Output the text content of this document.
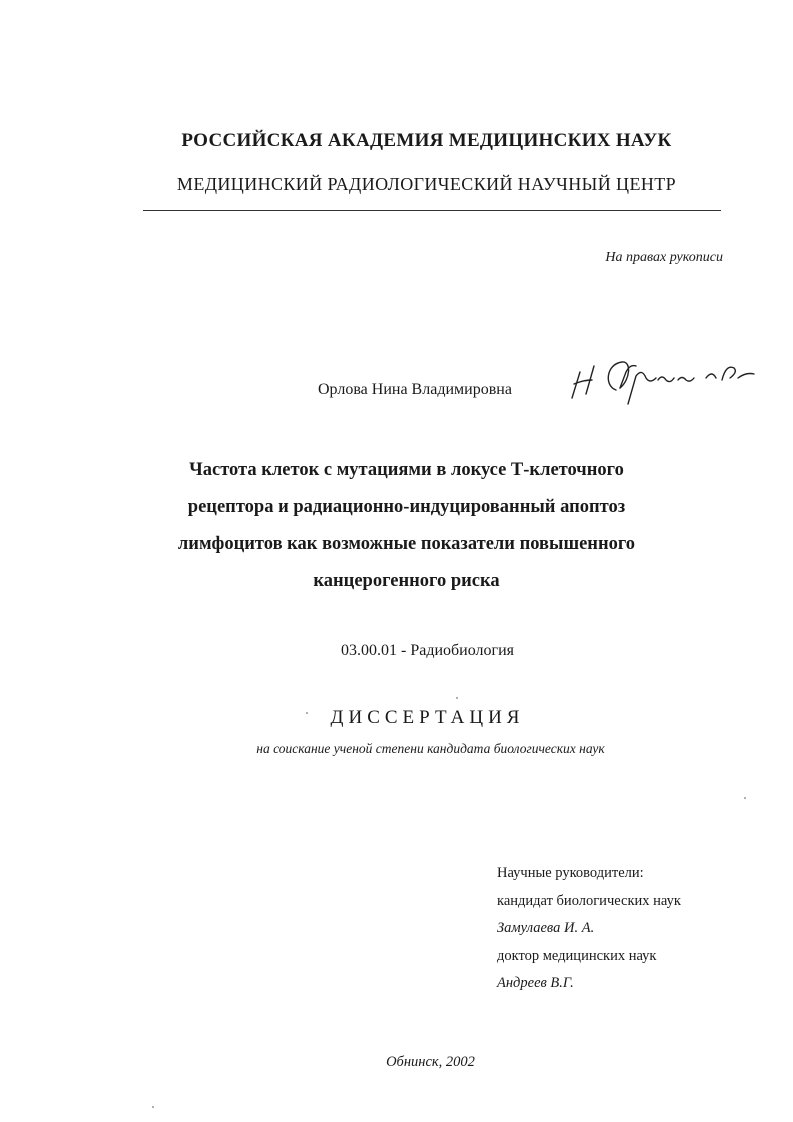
РОССИЙСКАЯ АКАДЕМИЯ МЕДИЦИНСКИХ НАУК
МЕДИЦИНСКИЙ РАДИОЛОГИЧЕСКИЙ НАУЧНЫЙ ЦЕНТР
На правах рукописи
Орлова Нина Владимировна
Частота клеток с мутациями в локусе Т-клеточного
рецептора и радиационно-индуцированный апоптоз
лимфоцитов как возможные показатели повышенного
канцерогенного риска
03.00.01 - Радиобиология
ДИССЕРТАЦИЯ
на соискание ученой степени кандидата биологических наук
Научные руководители:
кандидат биологических наук
Замулаева И. А.
доктор медицинских наук
Андреев В.Г.
Обнинск, 2002
